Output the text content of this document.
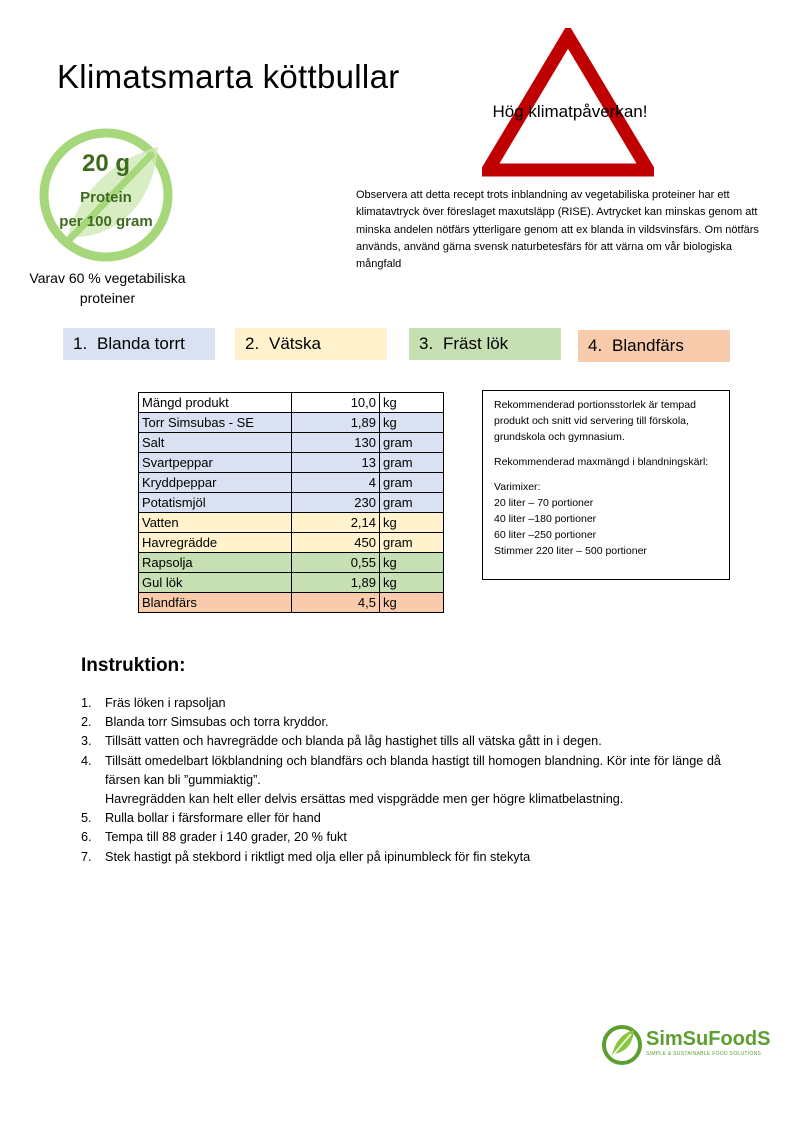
Klimatsmarta köttbullar
20 g
Protein
per 100 gram
Varav 60 % vegetabiliska proteiner
Hög klimatpåverkan!
Observera att detta recept trots inblandning av vegetabiliska proteiner har ett klimatavtryck över föreslaget maxutsläpp (RISE). Avtrycket kan minskas genom att minska andelen nötfärs ytterligare genom att ex blanda in vildsvinsfärs. Om nötfärs används, använd gärna svensk naturbetesfärs för att värna om vår biologiska mångfald
1. Blanda torrt	2. Vätska	3. Fräst lök	4. Blandfärs
Mängd produkt	10,0	kg
Torr Simsubas - SE	1,89	kg
Salt	130	gram
Svartpeppar	13	gram
Kryddpeppar	4	gram
Potatismjöl	230	gram
Vatten	2,14	kg
Havregrädde	450	gram
Rapsolja	0,55	kg
Gul lök	1,89	kg
Blandfärs	4,5	kg

Rekommenderad portionsstorlek är tempad produkt och snitt vid servering till förskola, grundskola och gymnasium.

Rekommenderad maxmängd i blandningskärl:

Varimixer:

20 liter – 70 portioner

40 liter –180 portioner

60 liter –250 portioner

Stimmer 220 liter – 500 portioner

Instruktion:
1. Fräs löken i rapsoljan
2. Blanda torr Simsubas och torra kryddor.
3. Tillsätt vatten och havregrädde och blanda på låg hastighet tills all vätska gått in i degen.
4. Tillsätt omedelbart lökblandning och blandfärs och blanda hastigt till homogen blandning. Kör inte för länge då färsen kan bli ”gummiaktig”.
Havregrädden kan helt eller delvis ersättas med vispgrädde men ger högre klimatbelastning.
5. Rulla bollar i färsformare eller för hand
6. Tempa till 88 grader i 140 grader, 20 % fukt
7. Stek hastigt på stekbord i riktligt med olja eller på ipinumbleck för fin stekyta
SimSuFoodS
SIMPLE & SUSTAINABLE FOOD SOLUTIONS
